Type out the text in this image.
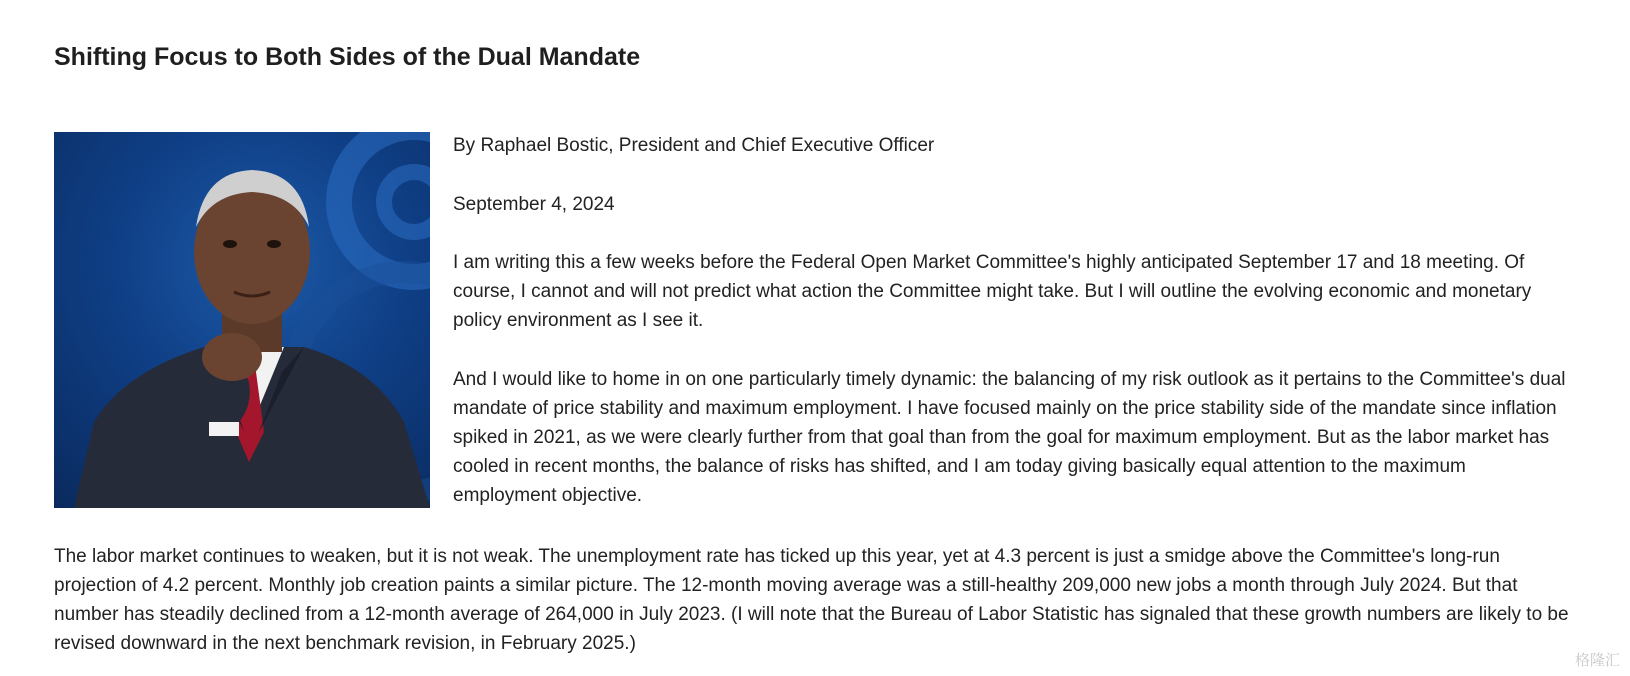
Shifting Focus to Both Sides of the Dual Mandate

By Raphael Bostic, President and Chief Executive Officer

September 4, 2024

I am writing this a few weeks before the Federal Open Market Committee's highly anticipated September 17 and 18 meeting. Of course, I cannot and will not predict what action the Committee might take. But I will outline the evolving economic and monetary policy environment as I see it.

And I would like to home in on one particularly timely dynamic: the balancing of my risk outlook as it pertains to the Committee's dual mandate of price stability and maximum employment. I have focused mainly on the price stability side of the mandate since inflation spiked in 2021, as we were clearly further from that goal than from the goal for maximum employment. But as the labor market has cooled in recent months, the balance of risks has shifted, and I am today giving basically equal attention to the maximum employment objective.

The labor market continues to weaken, but it is not weak. The unemployment rate has ticked up this year, yet at 4.3 percent is just a smidge above the Committee's long-run projection of 4.2 percent. Monthly job creation paints a similar picture. The 12-month moving average was a still-healthy 209,000 new jobs a month through July 2024. But that number has steadily declined from a 12-month average of 264,000 in July 2023. (I will note that the Bureau of Labor Statistic has signaled that these growth numbers are likely to be revised downward in the next benchmark revision, in February 2025.)

格隆汇
